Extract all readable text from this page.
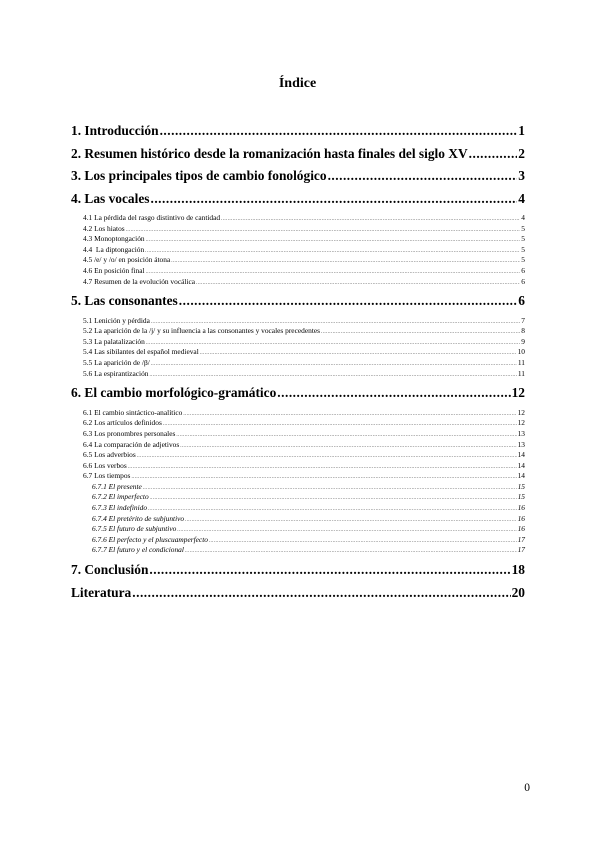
Índice
1. Introducción .....	1
2. Resumen histórico desde la romanización hasta finales del siglo XV .....	2
3. Los principales tipos de cambio fonológico .....	3
4. Las vocales .....	4
4.1 La pérdida del rasgo distintivo de cantidad .....	4
4.2 Los hiatos .....	5
4.3 Monoptongación .....	5
4.4  La diptongación .....	5
4.5 /e/ y /o/ en posición átona .....	5
4.6 En posición final .....	6
4.7 Resumen de la evolución vocálica .....	6
5. Las consonantes .....	6
5.1 Lenición y pérdida .....	7
5.2 La aparición de la /j/ y su influencia a las consonantes y vocales precedentes .....	8
5.3 La palatalización .....	9
5.4 Las sibilantes del español medieval .....	10
5.5 La aparición de /β/ .....	11
5.6 La espirantización .....	11
6. El cambio morfológico-gramático .....	12
6.1 El cambio sintáctico-analítico .....	12
6.2 Los artículos definidos .....	12
6.3 Los pronombres personales .....	13
6.4 La comparación de adjetivos .....	13
6.5 Los adverbios .....	14
6.6 Los verbos .....	14
6.7 Los tiempos .....	14
6.7.1 El presente .....	15
6.7.2 El imperfecto .....	15
6.7.3 El indefinido .....	16
6.7.4 El pretérito de subjuntivo .....	16
6.7.5 El futuro de subjuntivo .....	16
6.7.6 El perfecto y el pluscuamperfecto .....	17
6.7.7 El futuro y el condicional .....	17
7. Conclusión .....	18
Literatura .....	20
0
